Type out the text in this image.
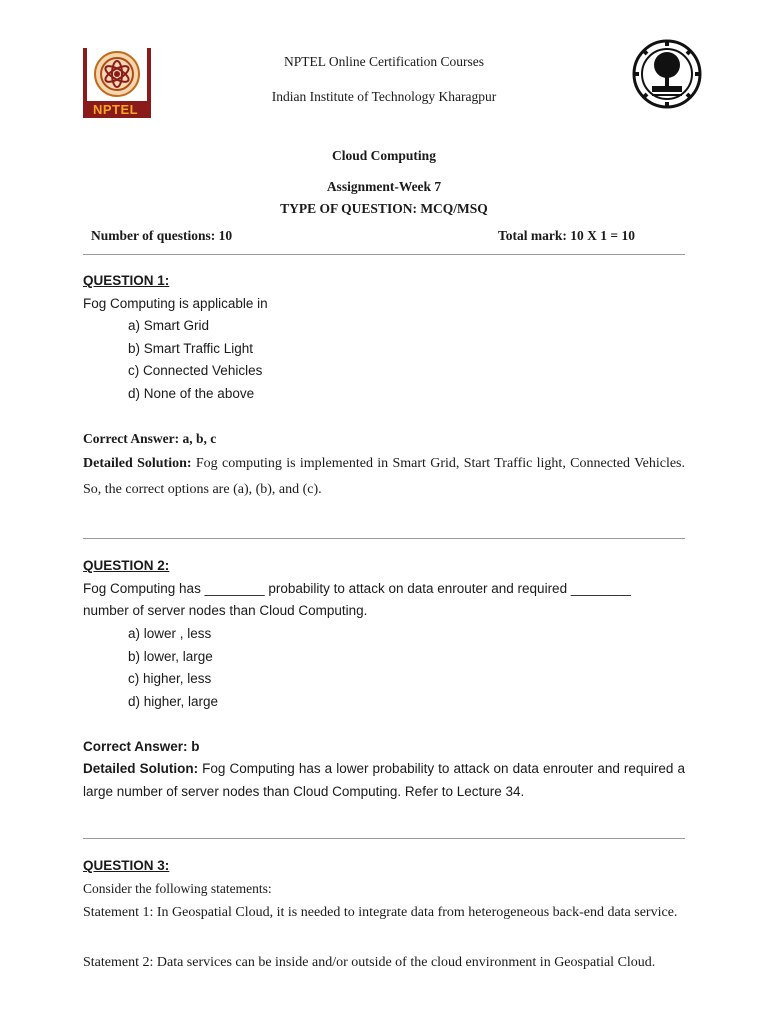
NPTEL
NPTEL Online Certification Courses
Indian Institute of Technology Kharagpur
Cloud Computing
Assignment-Week 7
TYPE OF QUESTION: MCQ/MSQ
Number of questions: 10	Total mark: 10 X 1 = 10
QUESTION 1:
Fog Computing is applicable in
a) Smart Grid
b) Smart Traffic Light
c) Connected Vehicles
d) None of the above
Correct Answer: a, b, c
Detailed Solution: Fog computing is implemented in Smart Grid, Start Traffic light, Connected Vehicles. So, the correct options are (a), (b), and (c).
QUESTION 2:
Fog Computing has ________ probability to attack on data enrouter and required ________
number of server nodes than Cloud Computing.
a) lower , less
b) lower, large
c) higher, less
d) higher, large
Correct Answer: b
Detailed Solution: Fog Computing has a lower probability to attack on data enrouter and required a large number of server nodes than Cloud Computing. Refer to Lecture 34.
QUESTION 3:
Consider the following statements:
Statement 1: In Geospatial Cloud, it is needed to integrate data from heterogeneous back-end data service.
Statement 2: Data services can be inside and/or outside of the cloud environment in Geospatial Cloud.
